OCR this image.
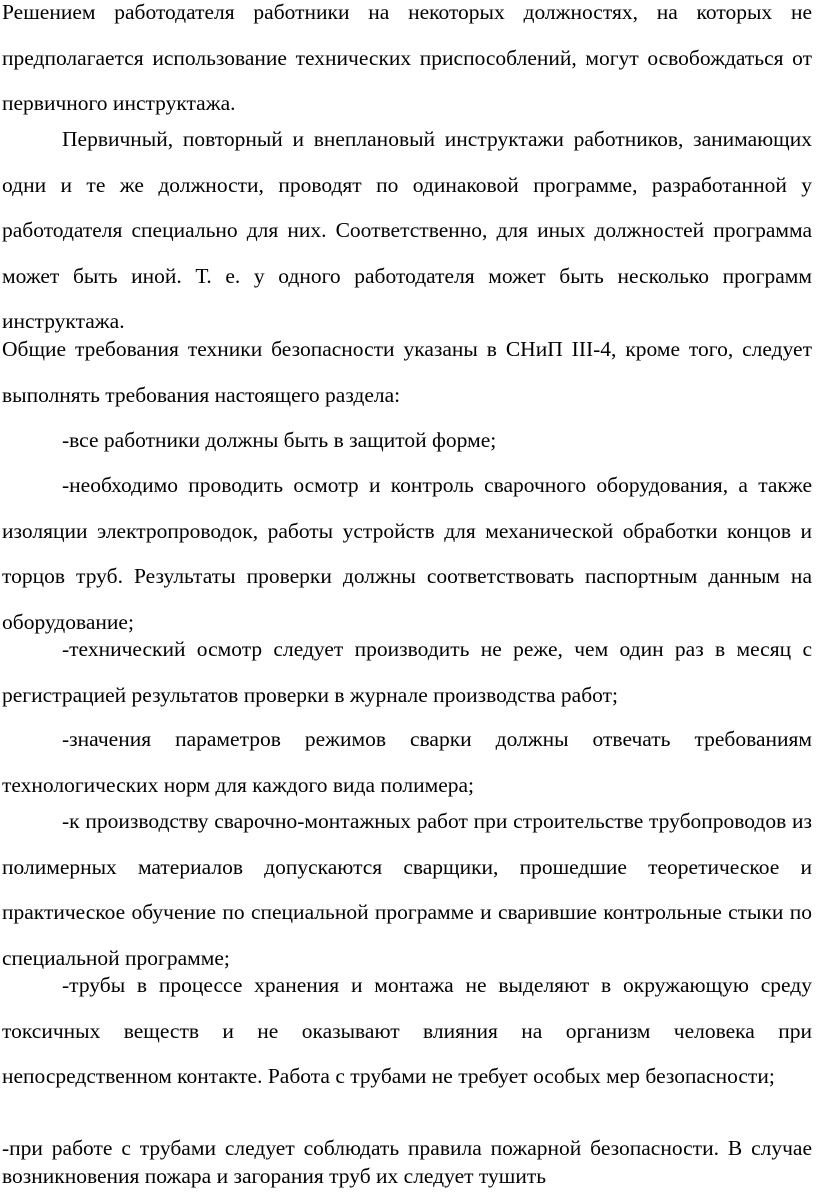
Решением работодателя работники на некоторых должностях, на которых не предполагается использование технических приспособлений, могут освобождаться от первичного инструктажа.

Первичный, повторный и внеплановый инструктажи работников, занимающих одни и те же должности, проводят по одинаковой программе, разработанной у работодателя специально для них. Соответственно, для иных должностей программа может быть иной. Т. е. у одного работодателя может быть несколько программ инструктажа.

Общие требования техники безопасности указаны в СНиП III-4, кроме того, следует выполнять требования настоящего раздела:

-все работники должны быть в защитой форме;

-необходимо проводить осмотр и контроль сварочного оборудования, а также изоляции электропроводок, работы устройств для механической обработки концов и торцов труб. Результаты проверки должны соответствовать паспортным данным на оборудование;

-технический осмотр следует производить не реже, чем один раз в месяц с регистрацией результатов проверки в журнале производства работ;

-значения параметров режимов сварки должны отвечать требованиям технологических норм для каждого вида полимера;

-к производству сварочно-монтажных работ при строительстве трубопроводов из полимерных материалов допускаются сварщики, прошедшие теоретическое и практическое обучение по специальной программе и сварившие контрольные стыки по специальной программе;

-трубы в процессе хранения и монтажа не выделяют в окружающую среду токсичных веществ и не оказывают влияния на организм человека при непосредственном контакте. Работа с трубами не требует особых мер безопасности;

-при работе с трубами следует соблюдать правила пожарной безопасности. В случае возникновения пожара и загорания труб их следует тушить
